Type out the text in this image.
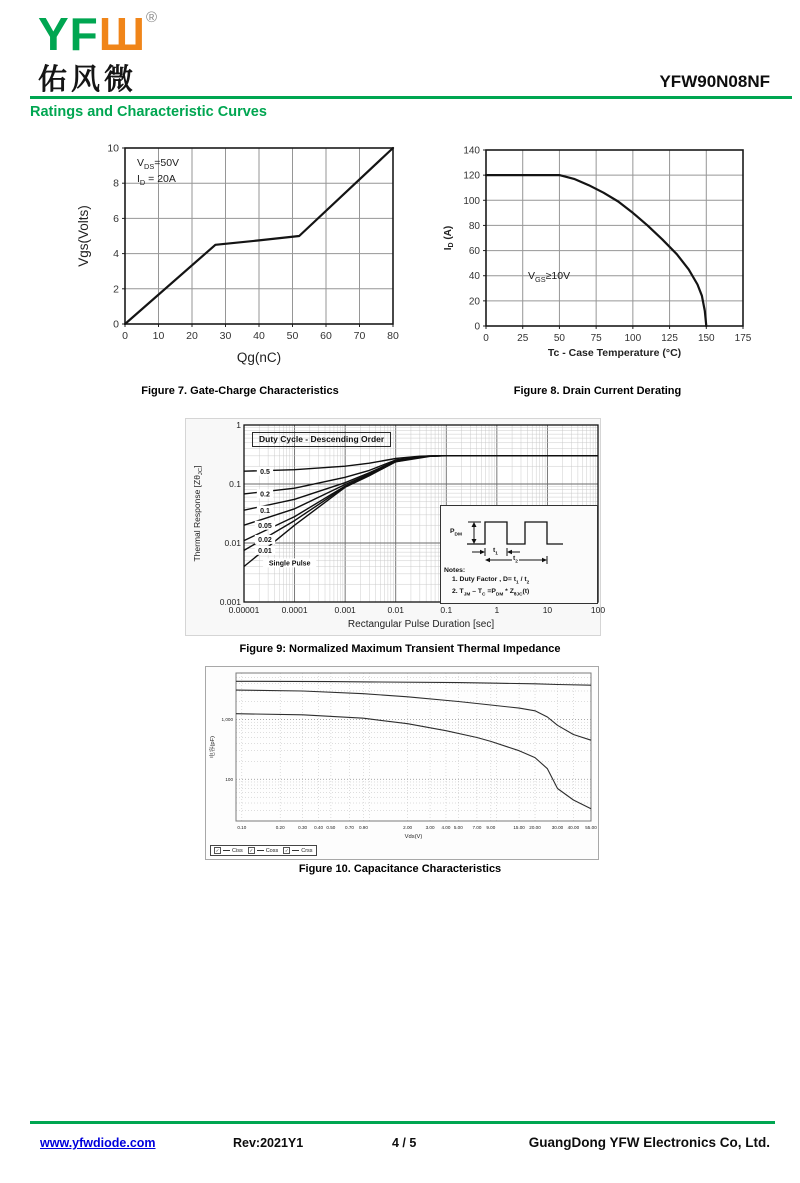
YFШ®
佑风微	YFW90N08NF
Ratings and Characteristic Curves
0 10 20 30 40 50 60 70 80
0
2
4
6
8
10
Qg(nC)
Vgs(Volts)
$V_{DS}=50V$
$I_D = 20A$
Figure 7. Gate-Charge Characteristics
0	25	50	75 100 125 150 175
0
20
40
60
80
100
120
140
Tc - Case Temperature (°C)
$I_D$ (A)
$V_{GS}\ge 10V$
Figure 8. Drain Current Derating
0.00001	0.0001	0.001	0.01	0.1	1	10	100
0.001
0.01
0.1
1
0.5
0.2
0.1
0.05
0.02
0.01
Single Pulse
Rectangular Pulse Duration [sec]
Thermal Response $[Z\theta_{JC}]$
Duty Cycle - Descending Order
$P_{DM}$
$t_1$
$t_2$
Notes:
1. Duty Factor , $D= t_1 / t_2$
2. $T_{JM} - T_C =P_{DM} * Z_{\theta JC}(t)$
Figure 9: Normalized Maximum Transient Thermal Impedance
0.10	0.20	0.30 0.40 0.50 0.70 0.90	2.00	3.00 4.00 5.00 7.00 9.00	15.00 20.00 30.00 40.00 55.00
100
1,000
Vds(V)
电容(pF)
✓ Ciss	✓ Coss	✓ Crss
Figure 10. Capacitance Characteristics
www.yfwdiode.com	Rev:2021Y1	4 / 5	GuangDong YFW Electronics Co, Ltd.
